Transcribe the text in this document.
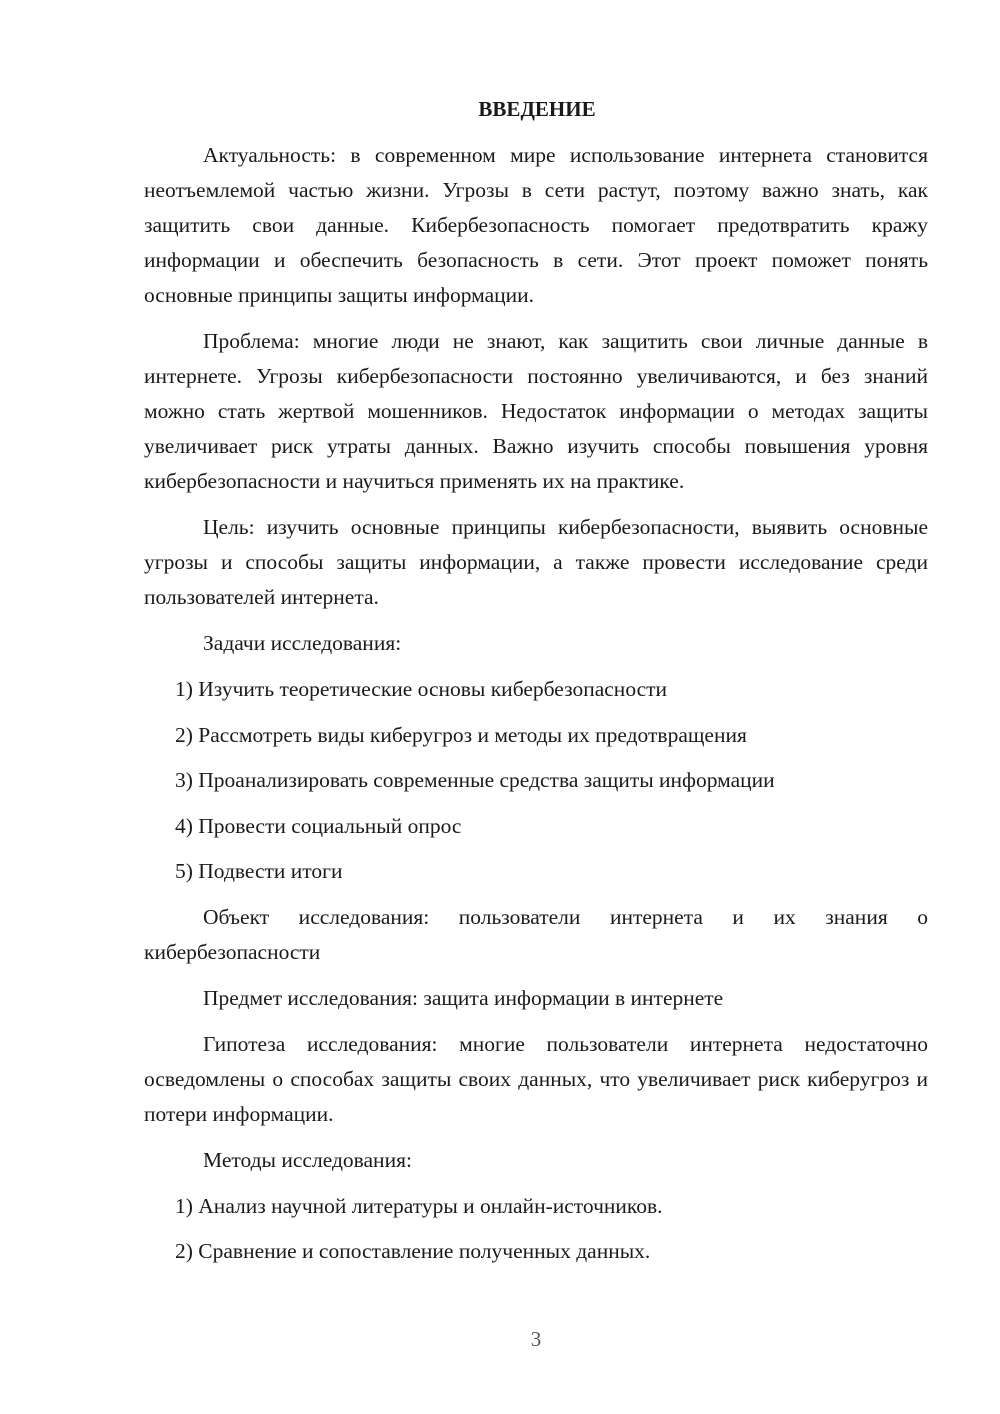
ВВЕДЕНИЕ

Актуальность: в современном мире использование интернета становится неотъемлемой частью жизни. Угрозы в сети растут, поэтому важно знать, как защитить свои данные. Кибербезопасность помогает предотвратить кражу информации и обеспечить безопасность в сети. Этот проект поможет понять основные принципы защиты информации.

Проблема: многие люди не знают, как защитить свои личные данные в интернете. Угрозы кибербезопасности постоянно увеличиваются, и без знаний можно стать жертвой мошенников. Недостаток информации о методах защиты увеличивает риск утраты данных. Важно изучить способы повышения уровня кибербезопасности и научиться применять их на практике.

Цель: изучить основные принципы кибербезопасности, выявить основные угрозы и способы защиты информации, а также провести исследование среди пользователей интернета.

Задачи исследования:

1) Изучить теоретические основы кибербезопасности
2) Рассмотреть виды киберугроз и методы их предотвращения
3) Проанализировать современные средства защиты информации
4) Провести социальный опрос
5) Подвести итоги

Объект исследования: пользователи интернета и их знания о кибербезопасности

Предмет исследования: защита информации в интернете

Гипотеза исследования: многие пользователи интернета недостаточно осведомлены о способах защиты своих данных, что увеличивает риск киберугроз и потери информации.

Методы исследования:

1) Анализ научной литературы и онлайн-источников.
2) Сравнение и сопоставление полученных данных.
3
